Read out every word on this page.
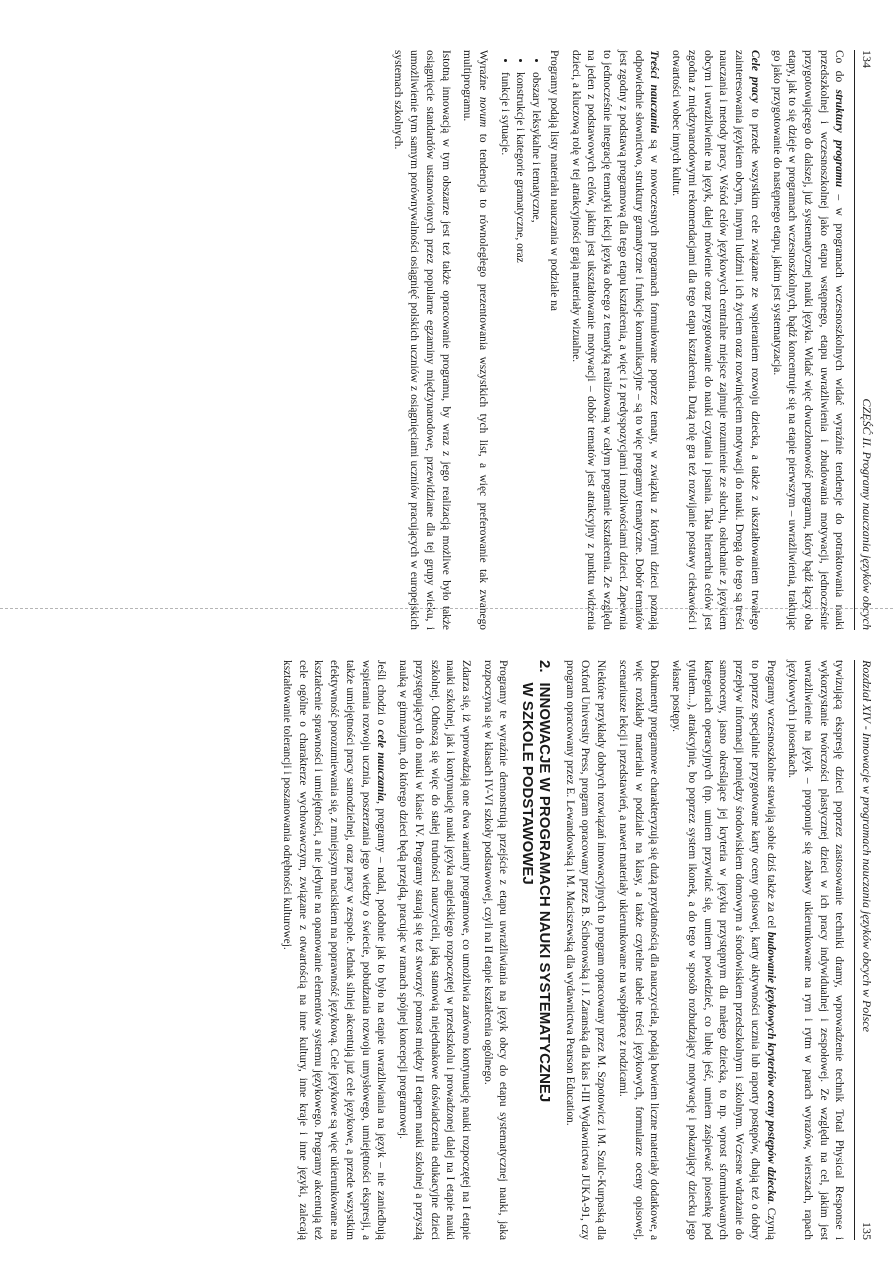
134
CZĘŚĆ II. Programy nauczania języków obcych

Co do struktury programu – w programach wczesnoszkolnych widać wyraźnie tendencje do potraktowania nauki przedszkolnej i wczesnoszkolnej jako etapu wstępnego, etapu uwrażliwienia i zbudowania motywacji, jednocześnie przygotowującego do dalszej, już systematycznej nauki języka. Widać więc dwuczłonowość programu, który bądź łączy oba etapy, jak to się dzieje w programach wczesnoszkolnych, bądź koncentruje się na etapie pierwszym – uwrażliwienia, traktując go jako przygotowanie do następnego etapu, jakim jest systematyzacja.

Cele pracy to przede wszystkim cele związane ze wspieraniem rozwoju dziecka, a także z ukształtowaniem trwałego zainteresowania językiem obcym, innymi ludźmi i ich życiem oraz rozwinięciem motywacji do nauki. Drogą do tego są treści nauczania i metody pracy. Wśród celów językowych centralne miejsce zajmuje rozumienie ze słuchu, osłuchanie z językiem obcym i uwrażliwienie na język, dalej mówienie oraz przygotowanie do nauki czytania i pisania. Taka hierarchia celów jest zgodna z międzynarodowymi rekomendacjami dla tego etapu kształcenia. Dużą rolę gra też rozwijanie postawy ciekawości i otwartości wobec innych kultur.

Treści nauczania są w nowoczesnych programach formułowane poprzez tematy, w związku z którymi dzieci poznają odpowiednie słownictwo, struktury gramatyczne i funkcje komunikacyjne – są to więc programy tematyczne. Dobór tematów jest zgodny z podstawą programową dla tego etapu kształcenia, a więc i z predyspozycjami i możliwościami dzieci. Zapewnia to jednocześnie integrację tematyki lekcji języka obcego z tematyką realizowaną w całym programie kształcenia. Ze względu na jeden z podstawowych celów, jakim jest ukształtowanie motywacji – dobór tematów jest atrakcyjny z punktu widzenia dzieci, a kluczową rolę w tej atrakcyjności grają materiały wizualne.

Programy podają listy materiału nauczania w podziale na

• obszary leksykalne i tematyczne,
• konstrukcje i kategorie gramatyczne, oraz
• funkcje i sytuacje.

Wyraźne novum to tendencja to równoległego prezentowania wszystkich tych list, a więc preferowanie tak zwanego multiprogramu.

Istotną innowacją w tym obszarze jest też także opracowanie programu, by wraz z jego realizacją możliwe było także osiągnięcie standardów ustanowionych przez popularne egzaminy międzynarodowe, przewidziane dla tej grupy wieku, i umożliwienie tym samym porównywalności osiągnięć polskich uczniów z osiągnięciami uczniów pracujących w europejskich systemach szkolnych.

Rozdział XIV - Innowacje w programach nauczania języków obcych w Polsce
135

tywizującą ekspresję dzieci poprzez zastosowanie techniki dramy, wprowadzenie technik Total Physical Response i wykorzystanie twórczości plastycznej dzieci w ich pracy indywidualnej i zespołowej. Ze względu na cel, jakim jest uwrażliwienie na język – proponuje się zabawy ukierunkowane na rym i rytm w parach wyrazów, wierszach, rapach językowych i piosenkach.

Programy wczesnoszkolne stawiają sobie dziś także za cel budowanie językowych kryteriów oceny postępów dziecka. Czynią to poprzez specjalnie przygotowane karty oceny opisowej, karty aktywności ucznia lub raporty postępów, dbają też o dobry przepływ informacji pomiędzy środowiskiem domowym a środowiskiem przedszkolnym i szkolnym. Wczesne wdrażanie do samooceny, jasno określające jej kryteria w języku przystępnym dla małego dziecka, to np. wprost sformułowanych kategoriach operacyjnych (np. umiem przywitać się, umiem powiedzieć, co lubię jeść, umiem zaśpiewać piosenkę pod tytułem...), atrakcyjnie, bo poprzez system ikonek, a do tego w sposób rozbudzający motywację i pokazujący dziecku jego własne postępy.

Dokumenty programowe charakteryzują się dużą przydatnością dla nauczyciela, podają bowiem liczne materiały dodatkowe, a więc rozkłady materiału w podziale na klasy, a także czytelne tabele treści językowych, formularze oceny opisowej, scenariusze lekcji i przedstawień, a nawet materiały ukierunkowane na współpracę z rodzicami.

Niektóre przykłady dobrych rozwiązań innowacyjnych to program opracowany przez M. Szpotowicz i M. Szulc-Kurpaską dla Oxford University Press, program opracowany przez B. Ściborowską i J. Zaranską dla klas I-III Wydawnictwa JUKA-91, czy program opracowany przez E. Lewandowską i M. Maciszewską dla wydawnictwa Pearson Education.

2.
INNOWACJE W PROGRAMACH NAUKI SYSTEMATYCZNEJ
W SZKOLE PODSTAWOWEJ

Programy te wyraźnie demonstrują przejście z etapu uwrażliwiania na język obcy do etapu systematycznej nauki, jaka rozpoczyna się w klasach IV-VI szkoły podstawowej, czyli na II etapie kształcenia ogólnego.

Zdarza się, iż wprowadzają one dwa warianty programowe, co umożliwia zarówno kontynuację nauki rozpoczętej na I etapie nauki szkolnej, jak i kontynuację nauki języka angielskiego rozpoczętej w przedszkolu i prowadzonej dalej na I etapie nauki szkolnej. Odnoszą się więc do stałej trudności nauczycieli, jaką stanowią niejednakowe doświadczenia edukacyjne dzieci przystępujących do nauki w klasie IV. Programy starają się też stworzyć pomost między II etapem nauki szkolnej a przyszłą nauką w gimnazjum, do którego dzieci będą przejdą, pracując w ramach spójnej koncepcji programowej.

Jeśli chodzi o cele nauczania, programy – nadal, podobnie jak to było na etapie uwrażliwiania na język – nie zaniedbują wspierania rozwoju ucznia, poszerzania jego wiedzy o świecie, pobudzania rozwoju umysłowego, umiejętności ekspresji, a także umiejętności pracy samodzielnej, oraz pracy w zespole. Jednak silniej akcentują już cele językowe, a przede wszystkim efektywność porozumiewania się, z mniejszym naciskiem na poprawność językową. Cele językowe są więc ukierunkowane na kształcenie sprawności i umiejętności, a nie jedynie na opanowanie elementów systemu językowego. Programy akcentują też cele ogólne o charakterze wychowawczym, związane z otwartością na inne kultury, inne kraje i inne języki, zalecają kształtowanie tolerancji i poszanowania odrębności kulturowej.
